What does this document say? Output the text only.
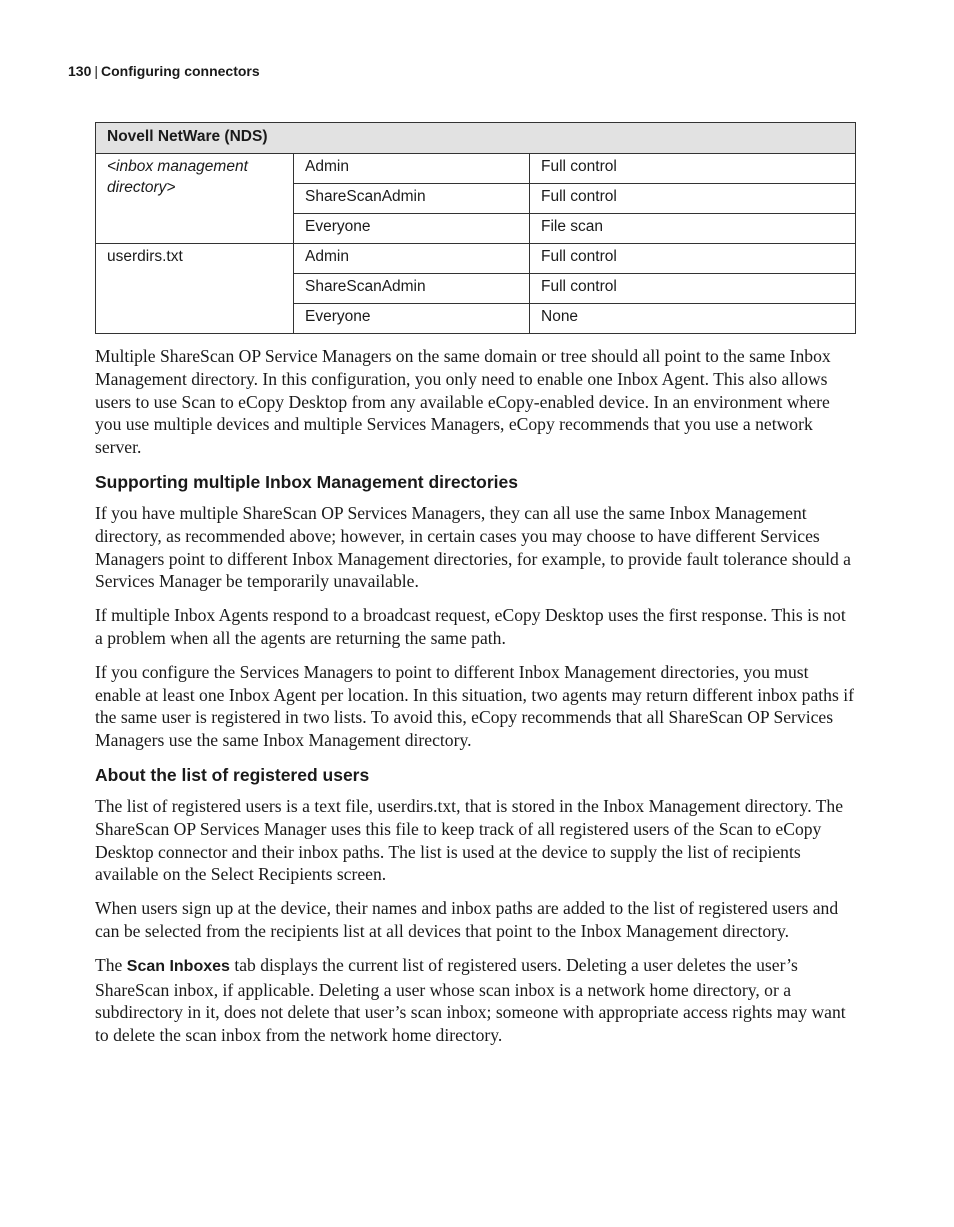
130 | Configuring connectors
Novell NetWare (NDS)		
<inbox management directory>	Admin	Full control
	ShareScanAdmin	Full control
	Everyone	File scan
userdirs.txt	Admin	Full control
	ShareScanAdmin	Full control
	Everyone	None

Multiple ShareScan OP Service Managers on the same domain or tree should all point to the same Inbox Management directory. In this configuration, you only need to enable one Inbox Agent. This also allows users to use Scan to eCopy Desktop from any available eCopy-enabled device. In an environment where you use multiple devices and multiple Services Managers, eCopy recommends that you use a network server.

Supporting multiple Inbox Management directories

If you have multiple ShareScan OP Services Managers, they can all use the same Inbox Management directory, as recommended above; however, in certain cases you may choose to have different Services Managers point to different Inbox Management directories, for example, to provide fault tolerance should a Services Manager be temporarily unavailable.

If multiple Inbox Agents respond to a broadcast request, eCopy Desktop uses the first response. This is not a problem when all the agents are returning the same path.

If you configure the Services Managers to point to different Inbox Management directories, you must enable at least one Inbox Agent per location. In this situation, two agents may return different inbox paths if the same user is registered in two lists. To avoid this, eCopy recommends that all ShareScan OP Services Managers use the same Inbox Management directory.

About the list of registered users

The list of registered users is a text file, userdirs.txt, that is stored in the Inbox Management directory. The ShareScan OP Services Manager uses this file to keep track of all registered users of the Scan to eCopy Desktop connector and their inbox paths. The list is used at the device to supply the list of recipients available on the Select Recipients screen.

When users sign up at the device, their names and inbox paths are added to the list of registered users and can be selected from the recipients list at all devices that point to the Inbox Management directory.

The Scan Inboxes tab displays the current list of registered users. Deleting a user deletes the user’s ShareScan inbox, if applicable. Deleting a user whose scan inbox is a network home directory, or a subdirectory in it, does not delete that user’s scan inbox; someone with appropriate access rights may want to delete the scan inbox from the network home directory.
